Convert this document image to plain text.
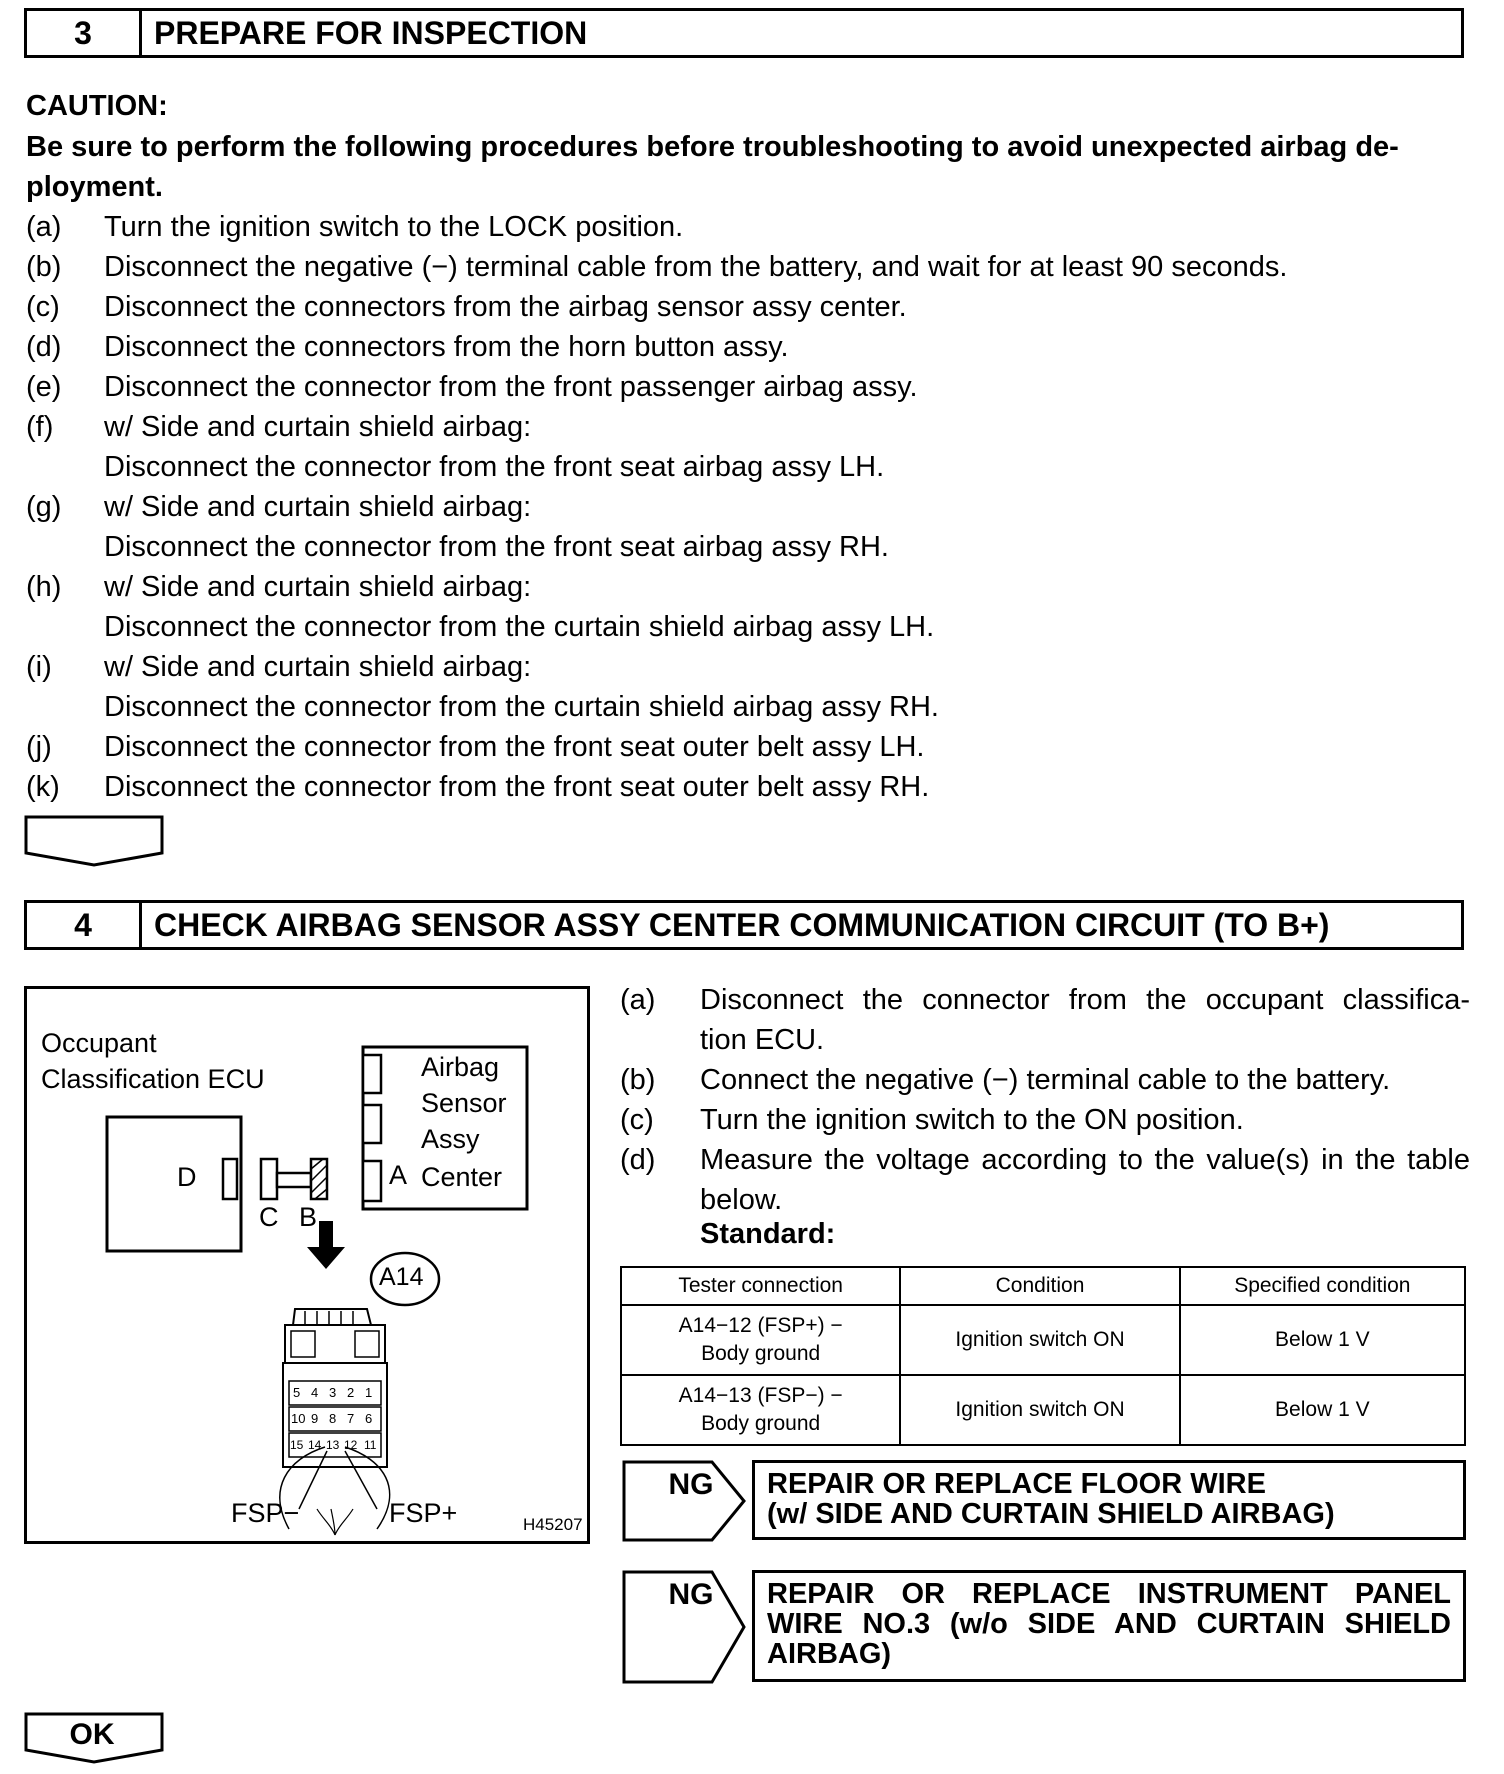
3	PREPARE FOR INSPECTION
CAUTION:
Be sure to perform the following procedures before troubleshooting to avoid unexpected airbag de-ployment.
(a) Turn the ignition switch to the LOCK position.
(b) Disconnect the negative (−) terminal cable from the battery, and wait for at least 90 seconds.
(c) Disconnect the connectors from the airbag sensor assy center.
(d) Disconnect the connectors from the horn button assy.
(e) Disconnect the connector from the front passenger airbag assy.
(f) w/ Side and curtain shield airbag:
Disconnect the connector from the front seat airbag assy LH.
(g) w/ Side and curtain shield airbag:
Disconnect the connector from the front seat airbag assy RH.
(h) w/ Side and curtain shield airbag:
Disconnect the connector from the curtain shield airbag assy LH.
(i) w/ Side and curtain shield airbag:
Disconnect the connector from the curtain shield airbag assy RH.
(j) Disconnect the connector from the front seat outer belt assy LH.
(k) Disconnect the connector from the front seat outer belt assy RH.
4	CHECK AIRBAG SENSOR ASSY CENTER COMMUNICATION CIRCUIT (TO B+)
Occupant
Classification ECU	Airbag
Sensor
Assy
Center
A
D
C B
A14
5 4 3 2 1
10 9 8 7 6
15 14 13 12 11
FSP−	FSP+	H45207
(a) Disconnect the connector from the occupant classifica-
tion ECU.
(b) Connect the negative (−) terminal cable to the battery.
(c) Turn the ignition switch to the ON position.
(d) Measure the voltage according to the value(s) in the table
below.
Standard:
Tester connection	Condition	Specified condition
A14−12 (FSP+) −
Body ground	Ignition switch ON	Below 1 V
A14−13 (FSP−) −
Body ground	Ignition switch ON	Below 1 V
NG	REPAIR OR REPLACE FLOOR WIRE
(w/ SIDE AND CURTAIN SHIELD AIRBAG)
NG	REPAIR OR REPLACE INSTRUMENT PANEL
WIRE NO.3 (w/o SIDE AND CURTAIN SHIELD
AIRBAG)
OK
